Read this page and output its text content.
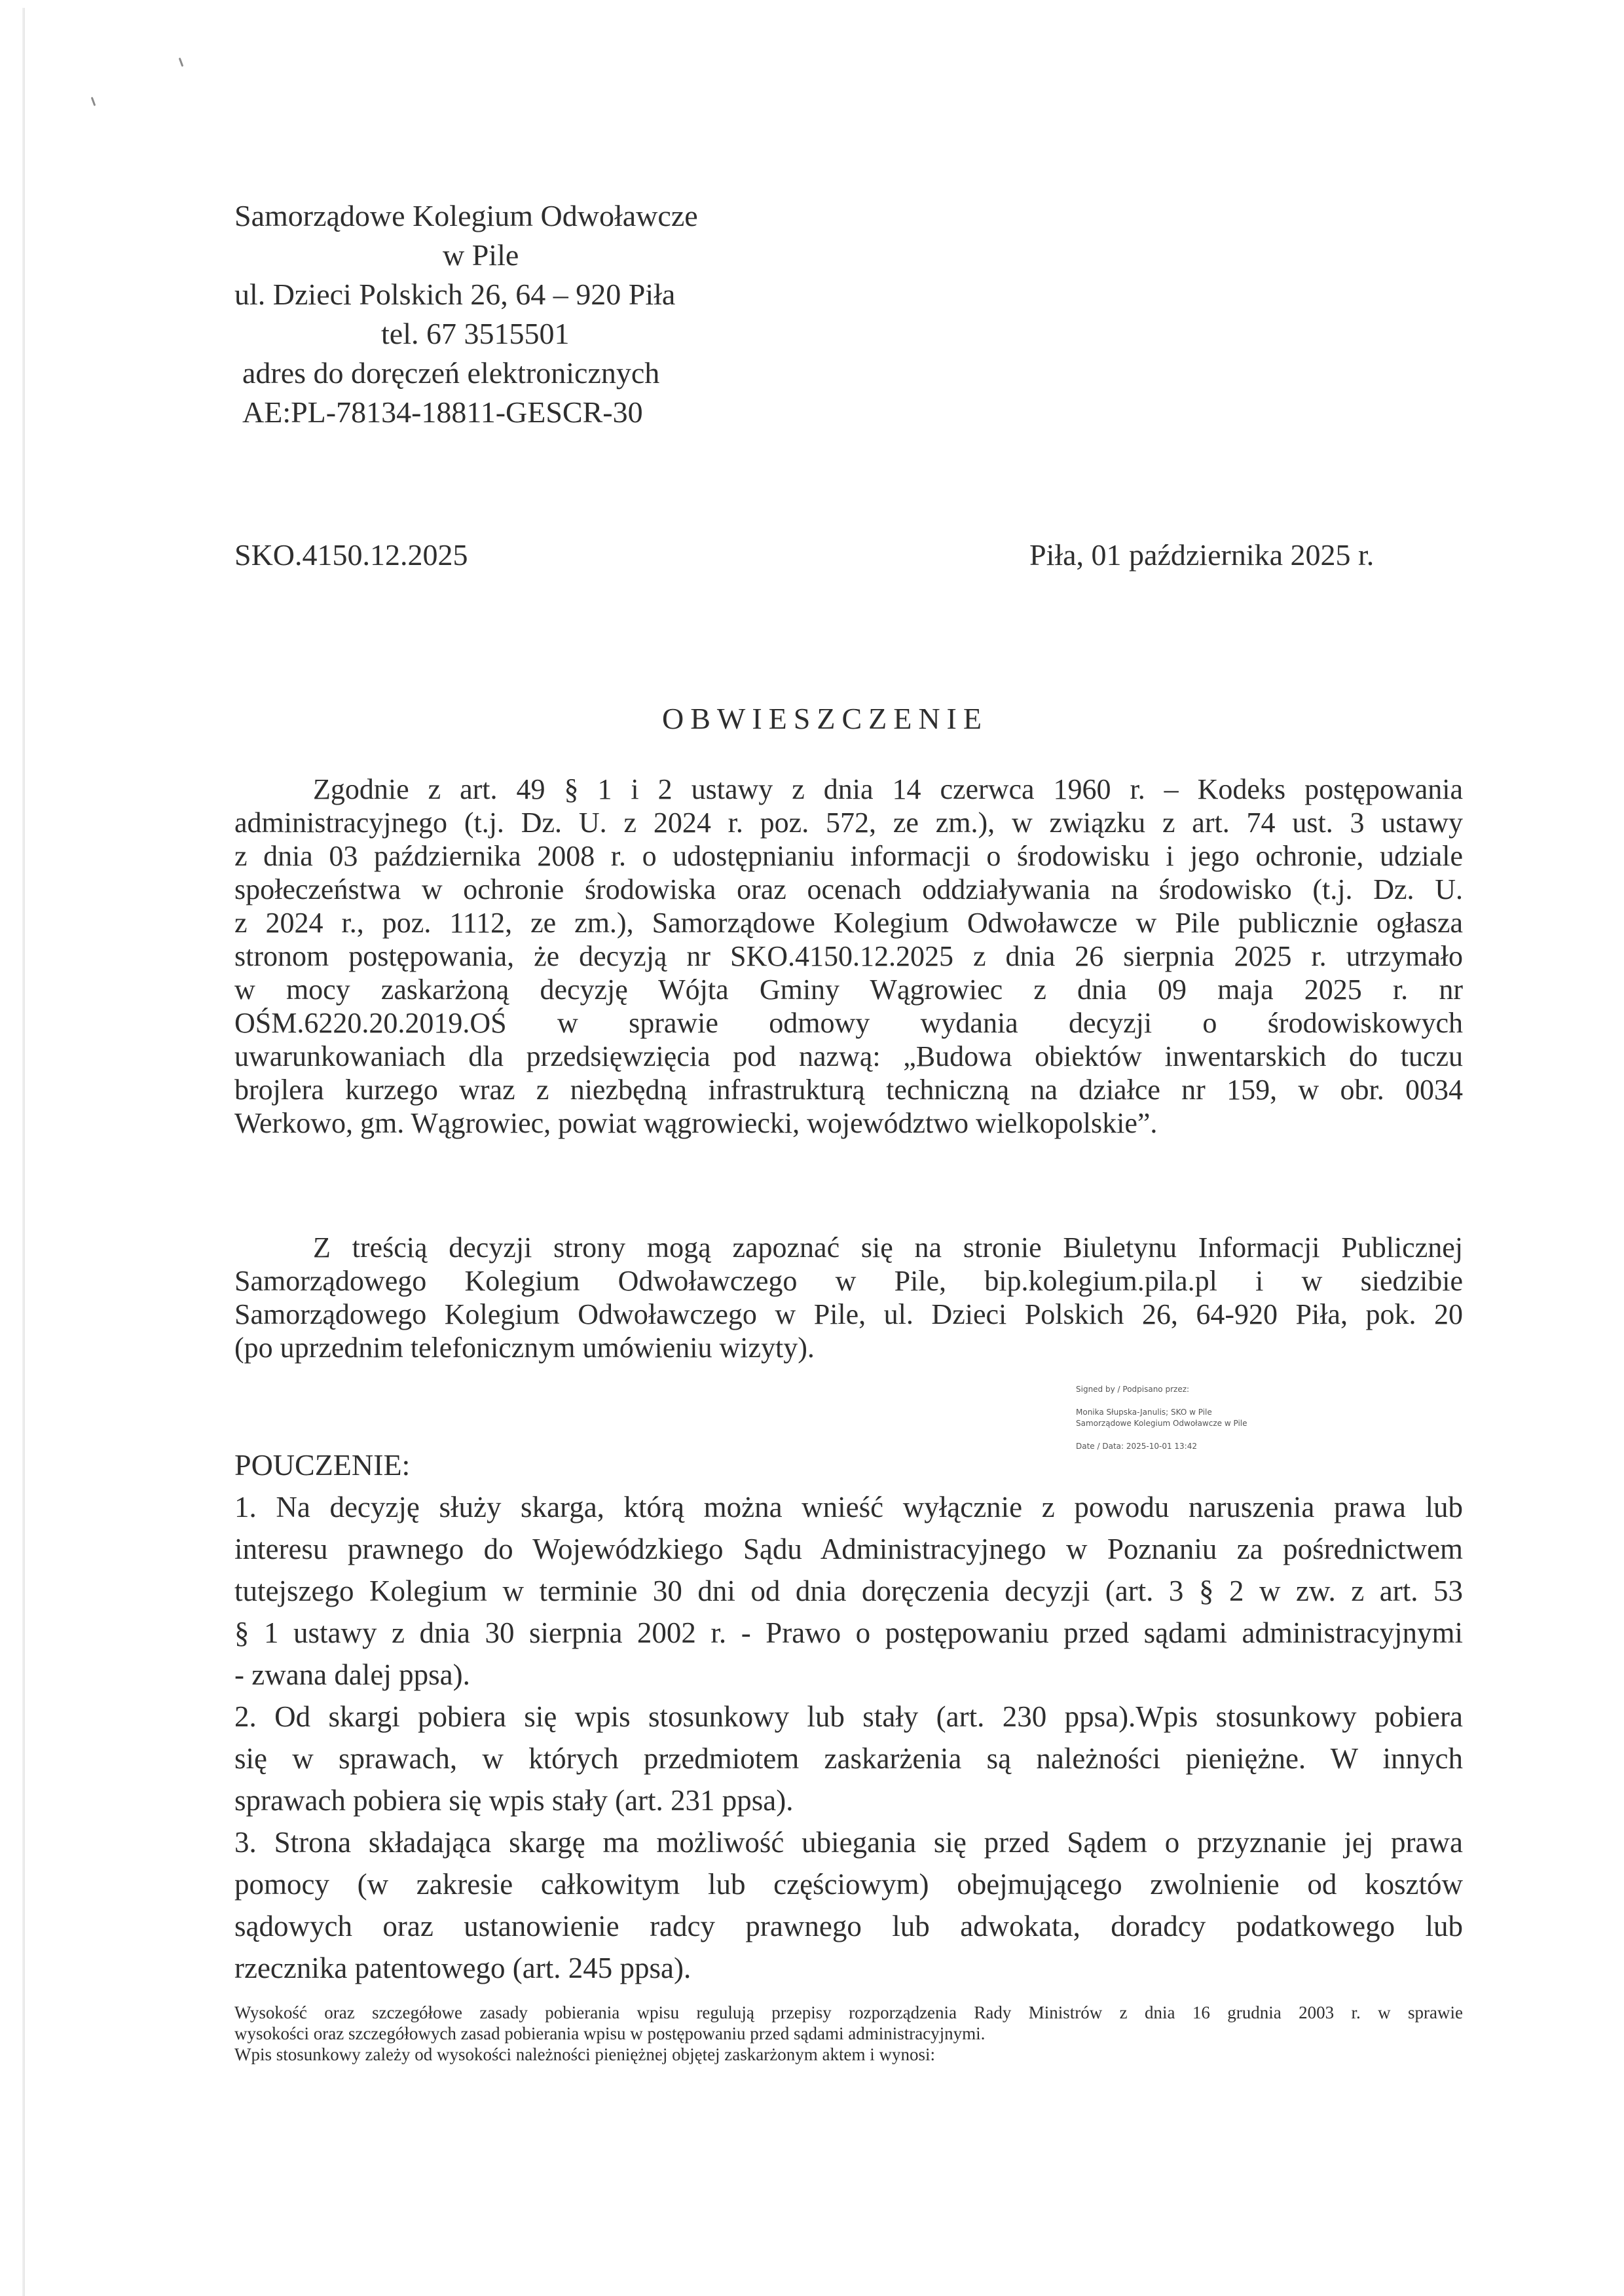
Samorządowe Kolegium Odwoławcze
w Pile
ul. Dzieci Polskich 26, 64 – 920 Piła
tel. 67 3515501
adres do doręczeń elektronicznych
AE:PL-78134-18811-GESCR-30
SKO.4150.12.2025	Piła, 01 października 2025 r.
OBWIESZCZENIE
Zgodnie z art. 49 § 1 i 2 ustawy z dnia 14 czerwca 1960 r. – Kodeks postępowania
administracyjnego (t.j. Dz. U. z 2024 r. poz. 572, ze zm.), w związku z art. 74 ust. 3 ustawy
z dnia 03 października 2008 r. o udostępnianiu informacji o środowisku i jego ochronie, udziale
społeczeństwa w ochronie środowiska oraz ocenach oddziaływania na środowisko (t.j. Dz. U.
z 2024 r., poz. 1112, ze zm.), Samorządowe Kolegium Odwoławcze w Pile publicznie ogłasza
stronom postępowania, że decyzją nr SKO.4150.12.2025 z dnia 26 sierpnia 2025 r. utrzymało
w mocy zaskarżoną decyzję Wójta Gminy Wągrowiec z dnia 09 maja 2025 r. nr
OŚM.6220.20.2019.OŚ w sprawie odmowy wydania decyzji o środowiskowych
uwarunkowaniach dla przedsięwzięcia pod nazwą: „Budowa obiektów inwentarskich do tuczu
brojlera kurzego wraz z niezbędną infrastrukturą techniczną na działce nr 159, w obr. 0034
Werkowo, gm. Wągrowiec, powiat wągrowiecki, województwo wielkopolskie”.
Z treścią decyzji strony mogą zapoznać się na stronie Biuletynu Informacji Publicznej
Samorządowego Kolegium Odwoławczego w Pile, bip.kolegium.pila.pl i w siedzibie
Samorządowego Kolegium Odwoławczego w Pile, ul. Dzieci Polskich 26, 64-920 Piła, pok. 20
(po uprzednim telefonicznym umówieniu wizyty).
Signed by / Podpisano przez:
Monika Słupska-Janulis; SKO w Pile
Samorządowe Kolegium Odwoławcze w Pile
Date / Data: 2025-10-01 13:42
POUCZENIE:
1. Na decyzję służy skarga, którą można wnieść wyłącznie z powodu naruszenia prawa lub
interesu prawnego do Wojewódzkiego Sądu Administracyjnego w Poznaniu za pośrednictwem
tutejszego Kolegium w terminie 30 dni od dnia doręczenia decyzji (art. 3 § 2 w zw. z art. 53
§ 1 ustawy z dnia 30 sierpnia 2002 r. - Prawo o postępowaniu przed sądami administracyjnymi
- zwana dalej ppsa).
2. Od skargi pobiera się wpis stosunkowy lub stały (art. 230 ppsa).Wpis stosunkowy pobiera
się w sprawach, w których przedmiotem zaskarżenia są należności pieniężne. W innych
sprawach pobiera się wpis stały (art. 231 ppsa).
3. Strona składająca skargę ma możliwość ubiegania się przed Sądem o przyznanie jej prawa
pomocy (w zakresie całkowitym lub częściowym) obejmującego zwolnienie od kosztów
sądowych oraz ustanowienie radcy prawnego lub adwokata, doradcy podatkowego lub
rzecznika patentowego (art. 245 ppsa).
Wysokość oraz szczegółowe zasady pobierania wpisu regulują przepisy rozporządzenia Rady Ministrów z dnia 16 grudnia 2003 r. w sprawie
wysokości oraz szczegółowych zasad pobierania wpisu w postępowaniu przed sądami administracyjnymi.
Wpis stosunkowy zależy od wysokości należności pieniężnej objętej zaskarżonym aktem i wynosi:
